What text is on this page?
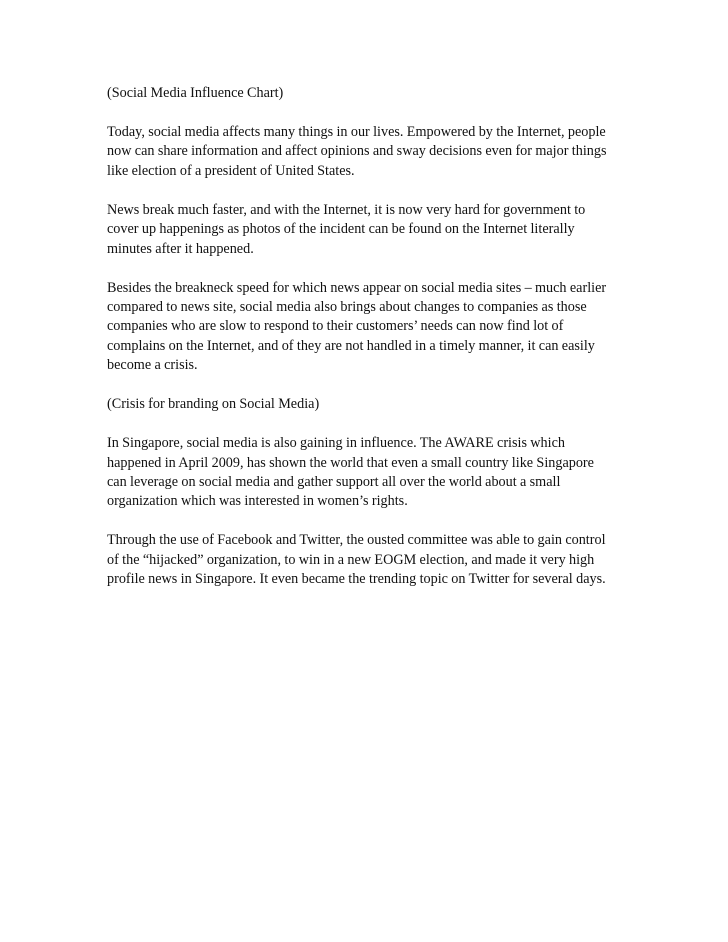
(Social Media Influence Chart)

Today, social media affects many things in our lives. Empowered by the Internet, people
now can share information and affect opinions and sway decisions even for major things
like election of a president of United States.

News break much faster, and with the Internet, it is now very hard for government to
cover up happenings as photos of the incident can be found on the Internet literally
minutes after it happened.

Besides the breakneck speed for which news appear on social media sites – much earlier
compared to news site, social media also brings about changes to companies as those
companies who are slow to respond to their customers’ needs can now find lot of
complains on the Internet, and of they are not handled in a timely manner, it can easily
become a crisis.

(Crisis for branding on Social Media)

In Singapore, social media is also gaining in influence. The AWARE crisis which
happened in April 2009, has shown the world that even a small country like Singapore
can leverage on social media and gather support all over the world about a small
organization which was interested in women’s rights.

Through the use of Facebook and Twitter, the ousted committee was able to gain control
of the “hijacked” organization, to win in a new EOGM election, and made it very high
profile news in Singapore. It even became the trending topic on Twitter for several days.
